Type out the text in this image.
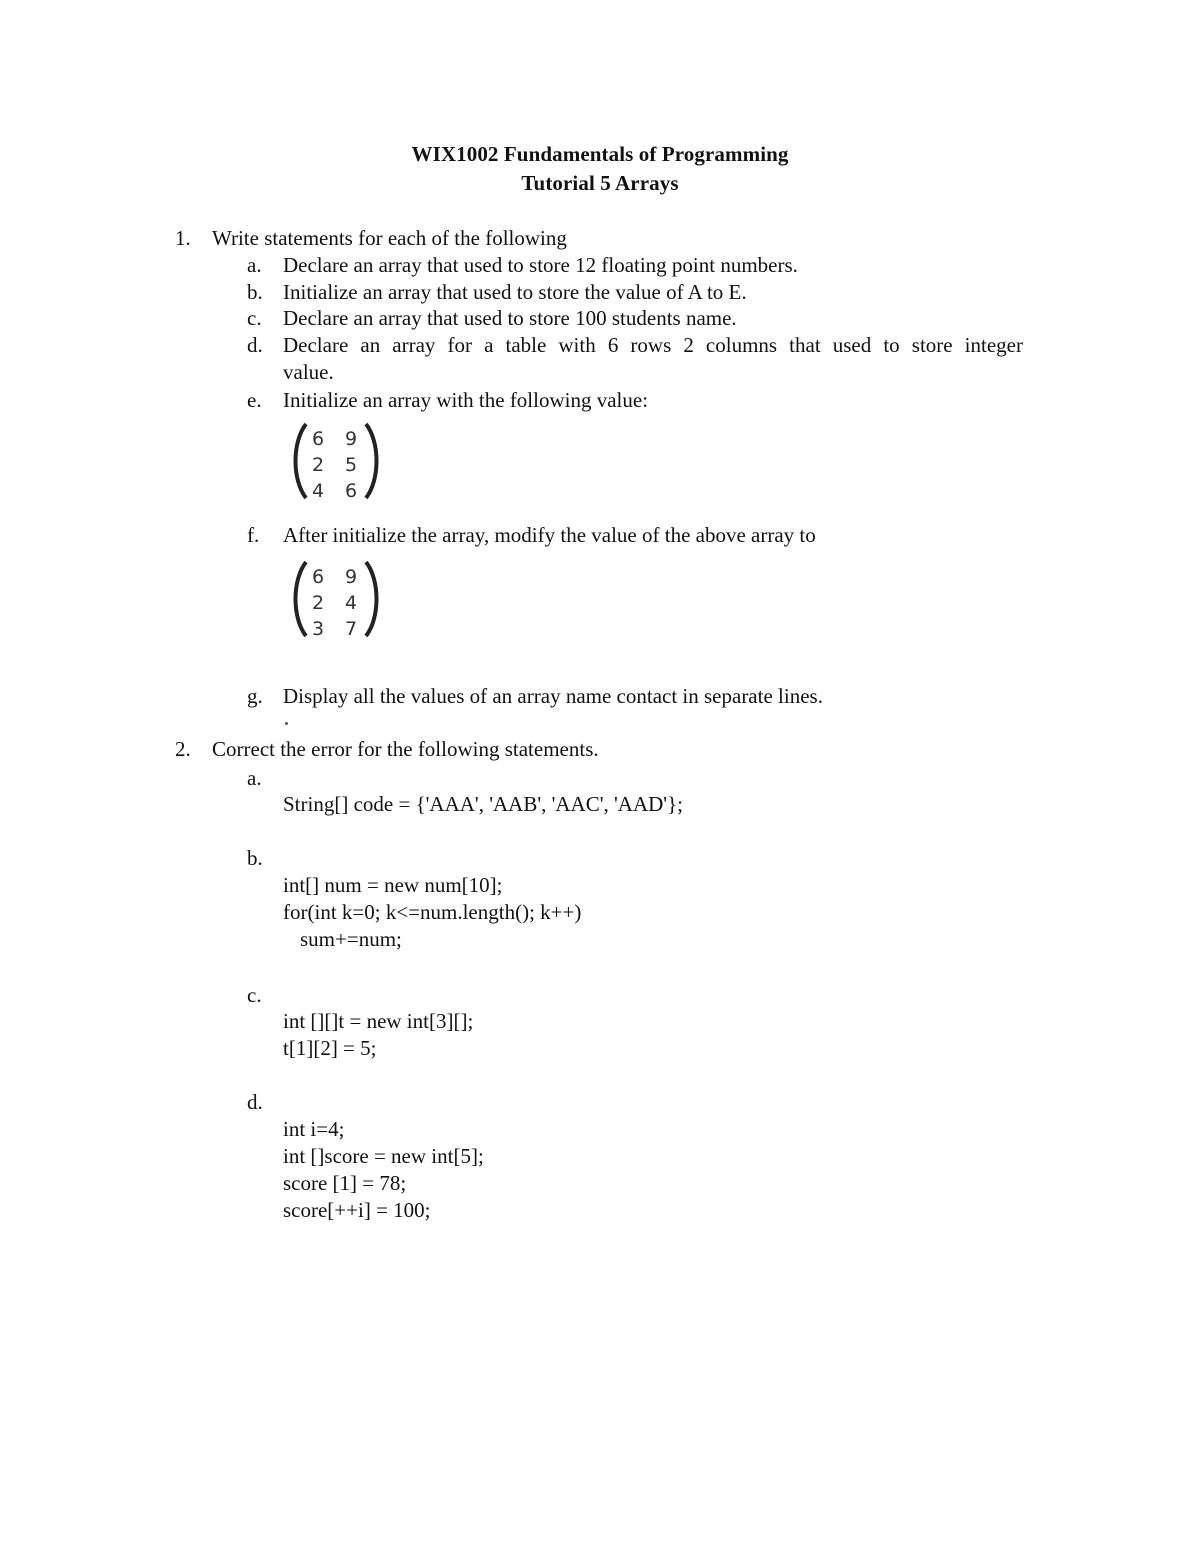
WIX1002 Fundamentals of Programming
Tutorial 5 Arrays
1. Write statements for each of the following
a. Declare an array that used to store 12 floating point numbers.
b. Initialize an array that used to store the value of A to E.
c. Declare an array that used to store 100 students name.
d. Declare an array for a table with 6 rows 2 columns that used to store integer
value.
e. Initialize an array with the following value:
6 9
2 5
4 6
f. After initialize the array, modify the value of the above array to
6 9
2 4
3 7
g. Display all the values of an array name contact in separate lines.
2. Correct the error for the following statements.
a.
String[] code = {'AAA', 'AAB', 'AAC', 'AAD'};
b.
int[] num = new num[10];
for(int k=0; k<=num.length(); k++)
sum+=num;
c.
int [][]t = new int[3][];
t[1][2] = 5;
d.
int i=4;
int []score = new int[5];
score [1] = 78;
score[++i] = 100;
